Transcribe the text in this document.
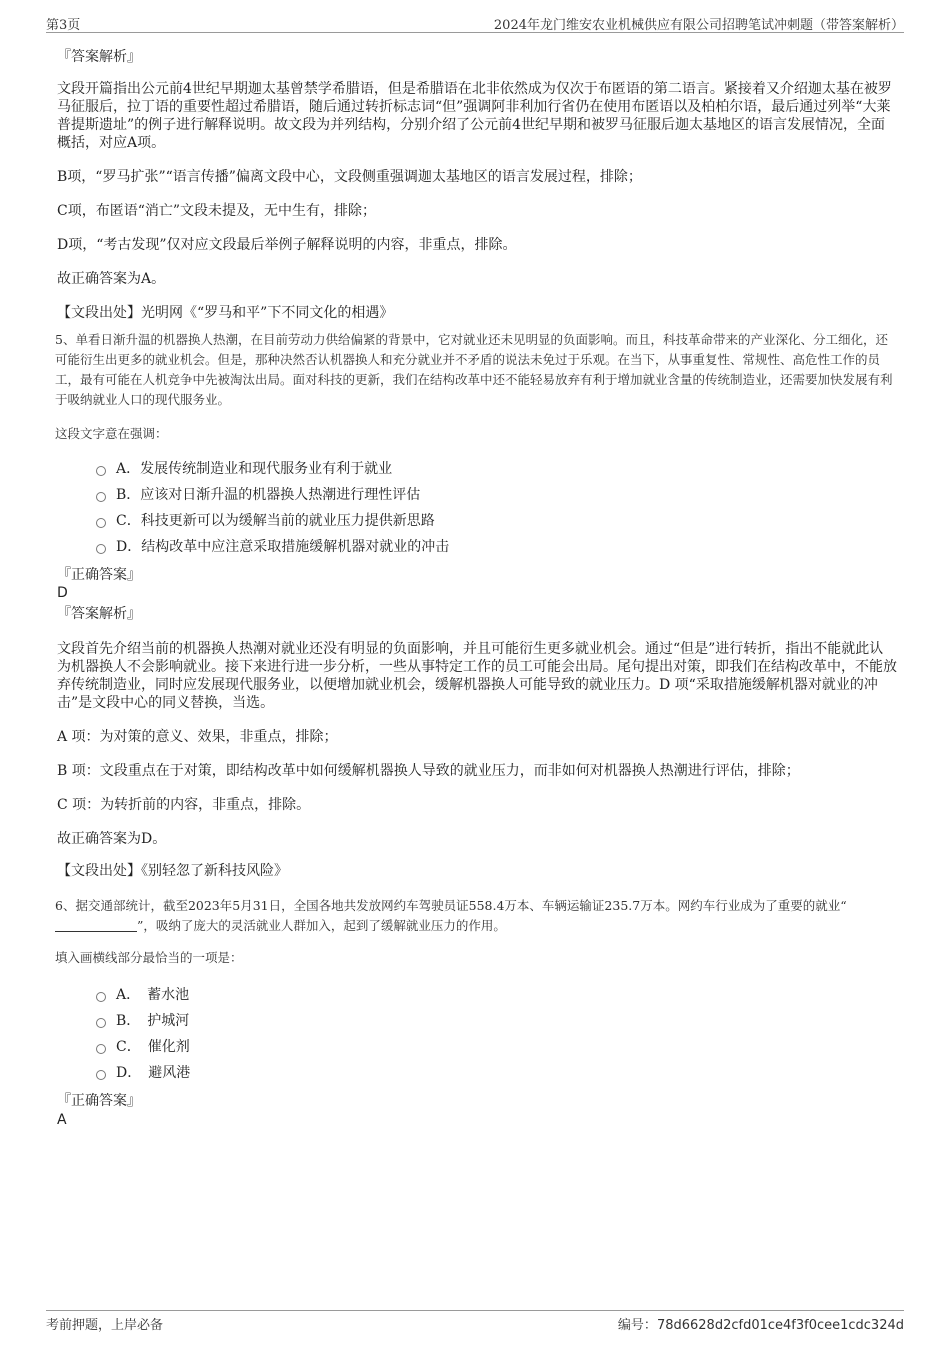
第3页	2024年龙门维安农业机械供应有限公司招聘笔试冲刺题（带答案解析）
『答案解析』
文段开篇指出公元前4世纪早期迦太基曾禁学希腊语，但是希腊语在北非依然成为仅次于布匿语的第二语言。紧接着又介绍迦太基在被罗马征服后，拉丁语的重要性超过希腊语，随后通过转折标志词“但”强调阿非利加行省仍在使用布匿语以及柏柏尔语，最后通过列举“大莱普提斯遗址”的例子进行解释说明。故文段为并列结构，分别介绍了公元前4世纪早期和被罗马征服后迦太基地区的语言发展情况，全面概括，对应A项。
B项，“罗马扩张”“语言传播”偏离文段中心，文段侧重强调迦太基地区的语言发展过程，排除；
C项，布匿语“消亡”文段未提及，无中生有，排除；
D项，“考古发现”仅对应文段最后举例子解释说明的内容，非重点，排除。
故正确答案为A。
【文段出处】光明网《“罗马和平”下不同文化的相遇》
5、单看日渐升温的机器换人热潮，在目前劳动力供给偏紧的背景中，它对就业还未见明显的负面影响。而且，科技革命带来的产业深化、分工细化，还可能衍生出更多的就业机会。但是，那种决然否认机器换人和充分就业并不矛盾的说法未免过于乐观。在当下，从事重复性、常规性、高危性工作的员工，最有可能在人机竞争中先被淘汰出局。面对科技的更新，我们在结构改革中还不能轻易放弃有利于增加就业含量的传统制造业，还需要加快发展有利于吸纳就业人口的现代服务业。
这段文字意在强调：
A．发展传统制造业和现代服务业有利于就业
B．应该对日渐升温的机器换人热潮进行理性评估
C．科技更新可以为缓解当前的就业压力提供新思路
D．结构改革中应注意采取措施缓解机器对就业的冲击
『正确答案』
D
『答案解析』
文段首先介绍当前的机器换人热潮对就业还没有明显的负面影响，并且可能衍生更多就业机会。通过“但是”进行转折，指出不能就此认为机器换人不会影响就业。接下来进行进一步分析，一些从事特定工作的员工可能会出局。尾句提出对策，即我们在结构改革中，不能放弃传统制造业，同时应发展现代服务业，以便增加就业机会，缓解机器换人可能导致的就业压力。D 项“采取措施缓解机器对就业的冲击”是文段中心的同义替换，当选。
A 项：为对策的意义、效果，非重点，排除；
B 项：文段重点在于对策，即结构改革中如何缓解机器换人导致的就业压力，而非如何对机器换人热潮进行评估，排除；
C 项：为转折前的内容，非重点，排除。
故正确答案为D。
【文段出处】《别轻忽了新科技风险》
6、据交通部统计，截至2023年5月31日，全国各地共发放网约车驾驶员证558.4万本、车辆运输证235.7万本。网约车行业成为了重要的就业“”，吸纳了庞大的灵活就业人群加入，起到了缓解就业压力的作用。
填入画横线部分最恰当的一项是：
A．　蓄水池
B．　护城河
C．　催化剂
D．　避风港
『正确答案』
A
考前押题，上岸必备	编号：78d6628d2cfd01ce4f3f0cee1cdc324d
